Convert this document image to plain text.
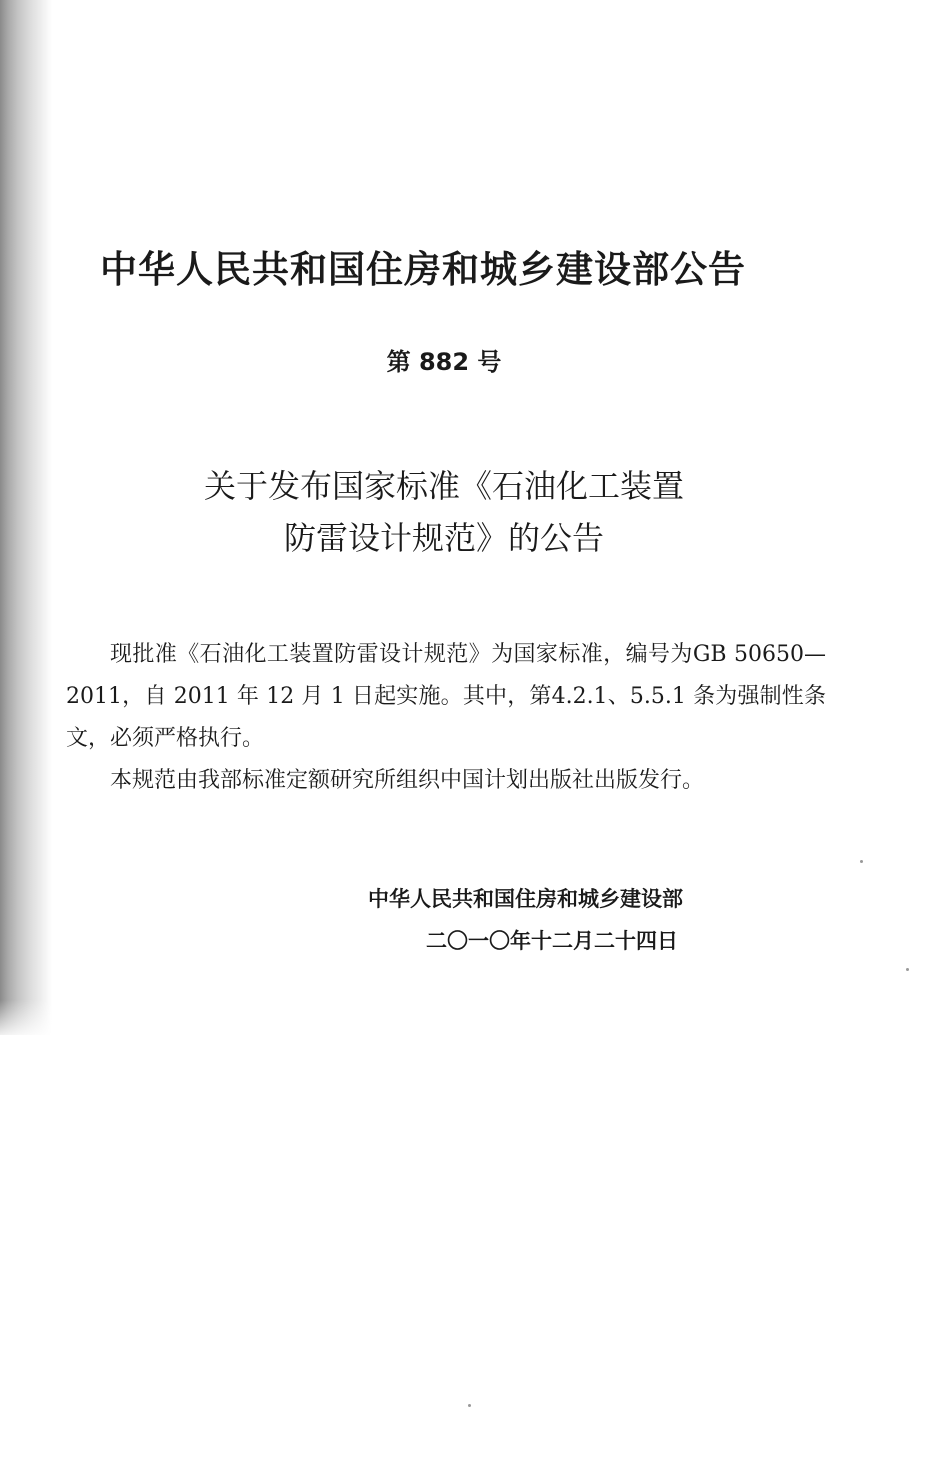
中华人民共和国住房和城乡建设部公告
第 882 号
关于发布国家标准《石油化工装置
防雷设计规范》的公告

现批准《石油化工装置防雷设计规范》为国家标准，编号为GB 50650—2011，自 2011 年 12 月 1 日起实施。其中，第4.2.1、5.5.1 条为强制性条文，必须严格执行。

本规范由我部标准定额研究所组织中国计划出版社出版发行。

中华人民共和国住房和城乡建设部
二〇一〇年十二月二十四日
